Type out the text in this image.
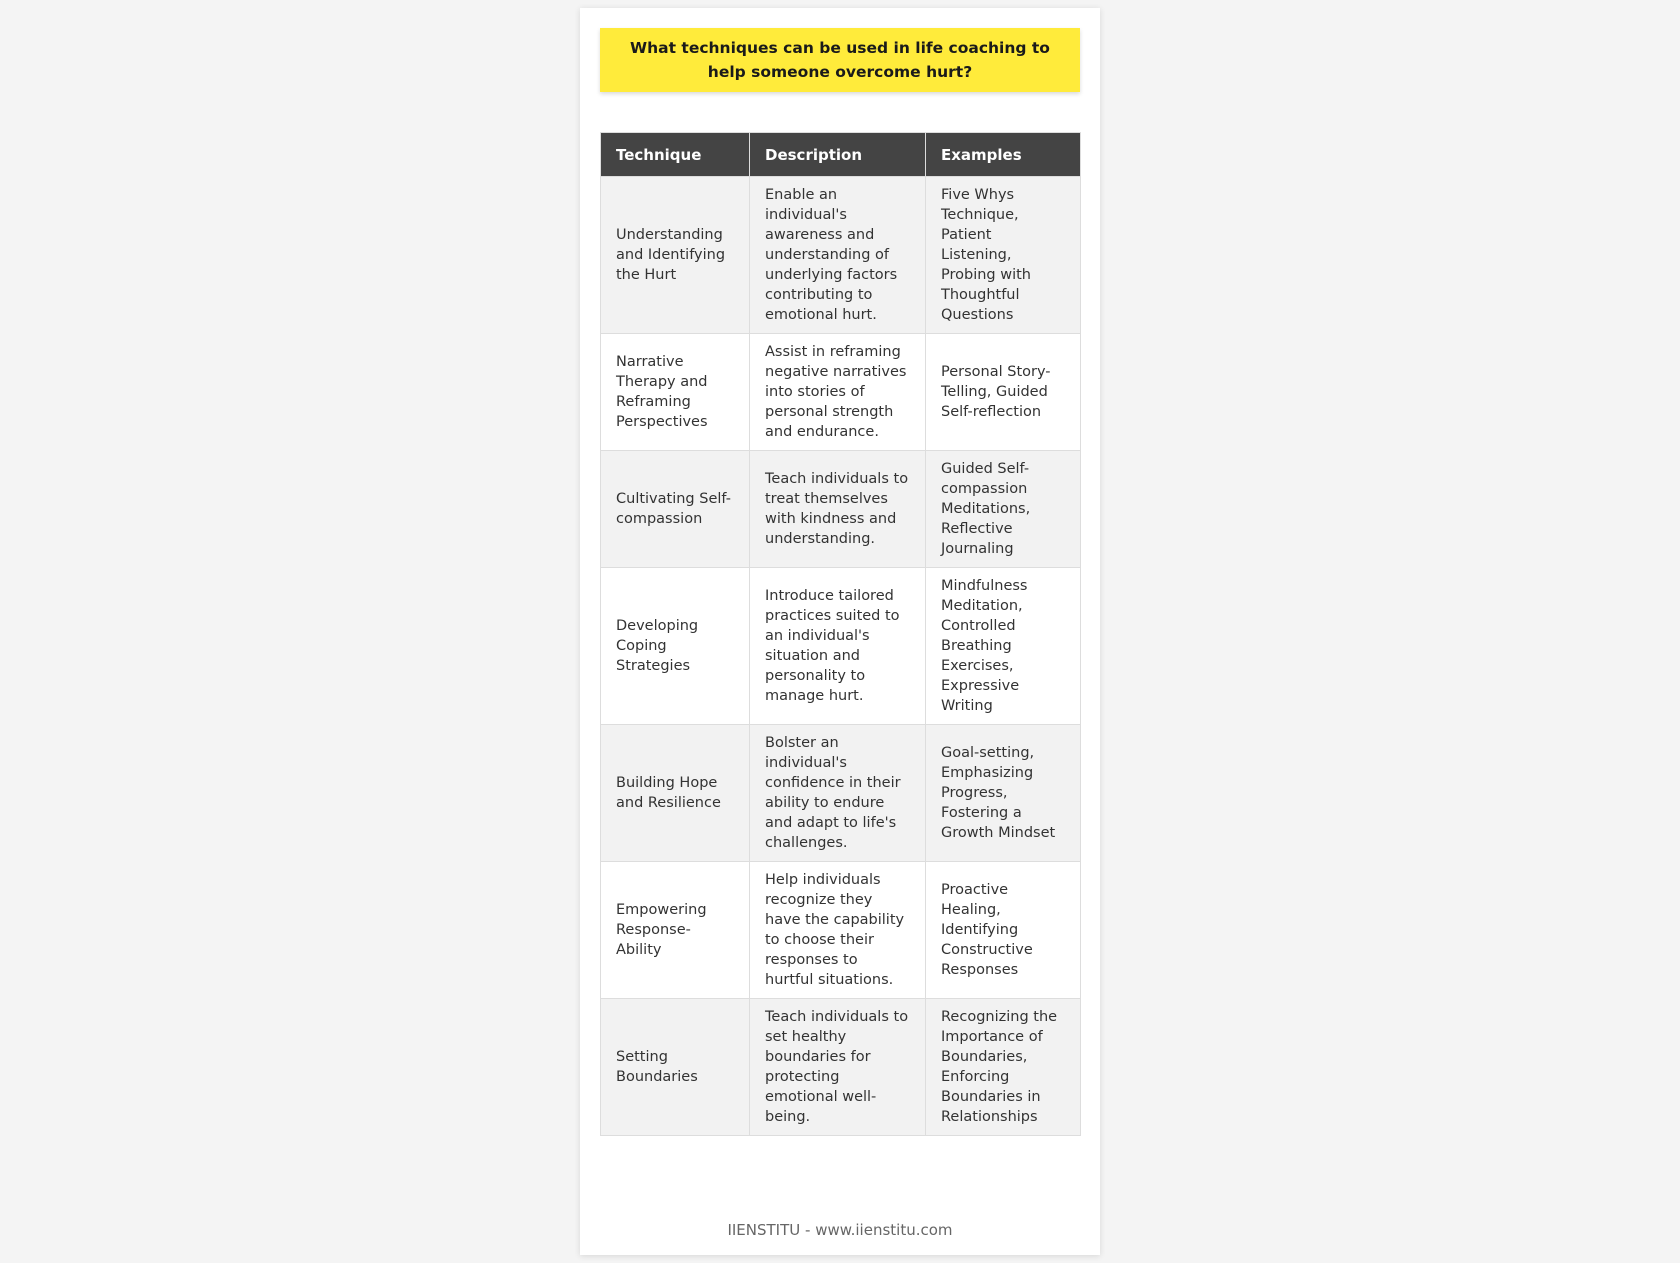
What techniques can be used in life coaching to help someone overcome hurt?
Technique	Description	Examples
Understanding and Identifying the Hurt	Enable an individual's awareness and understanding of underlying factors contributing to emotional hurt.	Five Whys Technique, Patient Listening, Probing with Thoughtful Questions
Narrative Therapy and Reframing Perspectives	Assist in reframing negative narratives into stories of personal strength and endurance.	Personal Story-Telling, Guided Self-reflection
Cultivating Self-compassion	Teach individuals to treat themselves with kindness and understanding.	Guided Self-compassion Meditations, Reflective Journaling
Developing Coping Strategies	Introduce tailored practices suited to an individual's situation and personality to manage hurt.	Mindfulness Meditation, Controlled Breathing Exercises, Expressive Writing
Building Hope and Resilience	Bolster an individual's confidence in their ability to endure and adapt to life's challenges.	Goal-setting, Emphasizing Progress, Fostering a Growth Mindset
Empowering Response-Ability	Help individuals recognize they have the capability to choose their responses to hurtful situations.	Proactive Healing, Identifying Constructive Responses
Setting Boundaries	Teach individuals to set healthy boundaries for protecting emotional well-being.	Recognizing the Importance of Boundaries, Enforcing Boundaries in Relationships
IIENSTITU - www.iienstitu.com
